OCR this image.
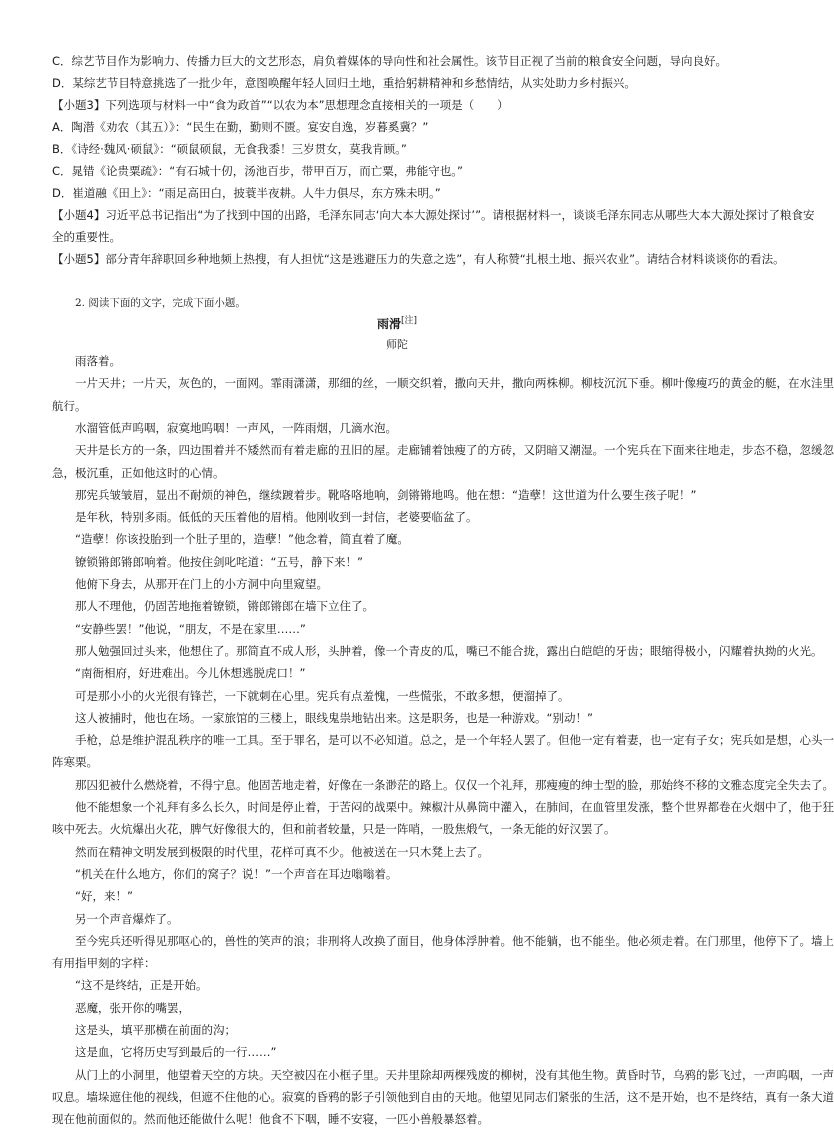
C．综艺节目作为影响力、传播力巨大的文艺形态，肩负着媒体的导向性和社会属性。该节目正视了当前的粮食安全问题，导向良好。
D．某综艺节目特意挑选了一批少年，意图唤醒年轻人回归土地，重拾躬耕精神和乡愁情结，从实处助力乡村振兴。
【小题3】下列选项与材料一中“食为政首”“以农为本”思想理念直接相关的一项是（　　）
A．陶潜《劝农（其五）》：“民生在勤，勤则不匮。宴安自逸，岁暮奚冀？”
B．《诗经·魏风·硕鼠》：“硕鼠硕鼠，无食我黍！三岁贯女，莫我肯顾。”
C．晁错《论贵粟疏》：“有石城十仞，汤池百步，带甲百万，而亡粟，弗能守也。”
D．崔道融《田上》：“雨足高田白，披蓑半夜耕。人牛力俱尽，东方殊未明。”
【小题4】习近平总书记指出“为了找到中国的出路，毛泽东同志‘向大本大源处探讨’”。请根据材料一，谈谈毛泽东同志从哪些大本大源处探讨了粮食安
全的重要性。
【小题5】部分青年辞职回乡种地频上热搜，有人担忧“这是逃避压力的失意之选”，有人称赞“扎根土地、振兴农业”。请结合材料谈谈你的看法。
2. 阅读下面的文字，完成下面小题。
雨滑[注]
师陀
雨落着。
一片天井；一片天，灰色的，一面网。霏雨潇潇，那细的丝，一顺交织着，撒向天井，撒向两株柳。柳枝沉沉下垂。柳叶像瘦巧的黄金的艇，在水洼里
航行。
水溜管低声呜咽，寂寞地呜咽！一声风，一阵雨烟，几滴水泡。
天井是长方的一条，四边围着并不矮然而有着走廊的丑旧的屋。走廊铺着蚀瘦了的方砖，又阴暗又潮湿。一个宪兵在下面来往地走，步态不稳，忽缓忽
急，极沉重，正如他这时的心情。
那宪兵皱皱眉，显出不耐烦的神色，继续踱着步。靴咯咯地响，剑锵锵地鸣。他在想：“造孽！这世道为什么要生孩子呢！”
是年秋，特别多雨。低低的天压着他的眉梢。他刚收到一封信，老婆要临盆了。
“造孽！你该投胎到一个肚子里的，造孽！”他念着，简直着了魔。
镣锁锵郎锵郎响着。他按住剑叱咤道：“五号，静下来！”
他俯下身去，从那开在门上的小方洞中向里窥望。
那人不理他，仍固苦地拖着镣锁，锵郎锵郎在墙下立住了。
“安静些罢！”他说，“朋友，不是在家里……”
那人勉强回过头来，他想住了。那简直不成人形，头肿着，像一个青皮的瓜，嘴已不能合拢，露出白皑皑的牙齿；眼缩得极小，闪耀着执拗的火光。
“南衙相府，好进难出。今儿休想逃脱虎口！”
可是那小小的火光很有锋芒，一下就刺在心里。宪兵有点羞愧，一些慌张，不敢多想，便溜掉了。
这人被捕时，他也在场。一家旅馆的三楼上，眼线鬼祟地钻出来。这是职务，也是一种游戏。“别动！”
手枪，总是维护混乱秩序的唯一工具。至于罪名，是可以不必知道。总之，是一个年轻人罢了。但他一定有着妻，也一定有子女；宪兵如是想，心头一
阵寒栗。
那囚犯被什么燃烧着，不得宁息。他固苦地走着，好像在一条渺茫的路上。仅仅一个礼拜，那瘦瘦的绅士型的脸，那始终不移的文雅态度完全失去了。
他不能想象一个礼拜有多么长久，时间是停止着，于苦闷的战栗中。辣椒汁从鼻筒中灌入，在肺间，在血管里发涨，整个世界都卷在火烟中了，他于狂
咳中死去。火炕爆出火花，脾气好像很大的，但和前者较量，只是一阵哨，一股焦煅气，一条无能的好汉罢了。
然而在精神文明发展到极限的时代里，花样可真不少。他被送在一只木凳上去了。
“机关在什么地方，你们的窝子？说！”一个声音在耳边嗡嗡着。
“好，来！”
另一个声音爆炸了。
至今宪兵还听得见那呕心的，兽性的笑声的浪；非刑将人改换了面目，他身体浮肿着。他不能躺，也不能坐。他必须走着。在门那里，他停下了。墙上
有用指甲刻的字样：
“这不是终结，正是开始。
恶魔，张开你的嘴罢，
这是头，填平那横在前面的沟；
这是血，它将历史写到最后的一行……”
从门上的小洞里，他望着天空的方块。天空被囚在小框子里。天井里除却两棵残废的柳树，没有其他生物。黄昏时节，乌鸦的影飞过，一声呜咽，一声
叹息。墙垛遮住他的视线，但遮不住他的心。寂寞的昏鸦的影子引领他到自由的天地。他望见同志们紧张的生活，这不是开始，也不是终结，真有一条大道
现在他前面似的。然而他还能做什么呢！他食不下咽，睡不安寝，一匹小兽般暴怒着。
